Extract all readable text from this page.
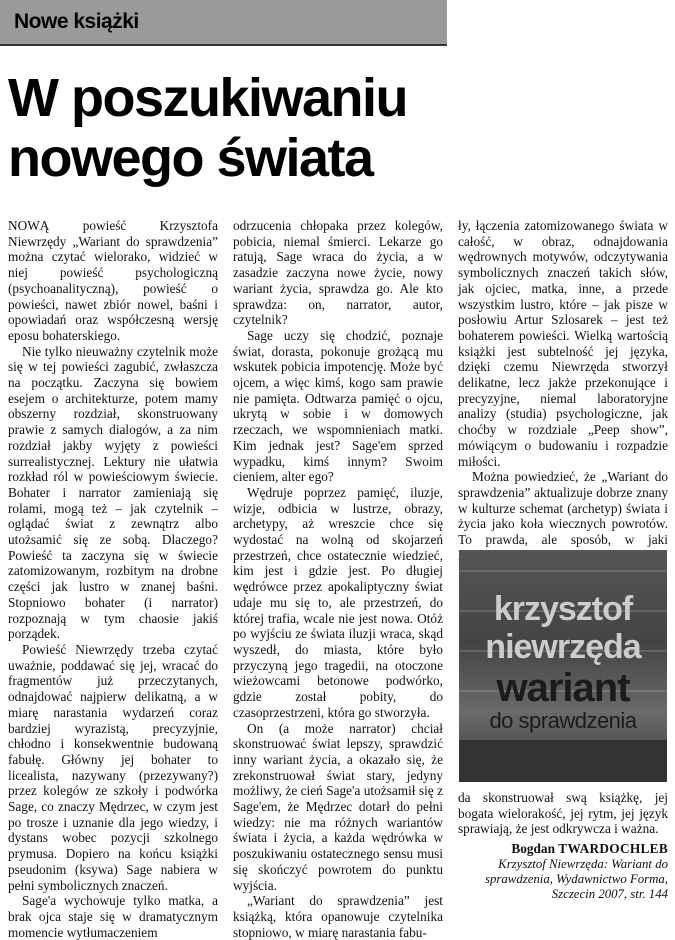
Nowe książki
W poszukiwaniu
nowego świata

NOWĄ powieść Krzysztofa Niewrzędy „Wariant do sprawdzenia” można czytać wielorako, widzieć w niej powieść psychologiczną (psychoanalityczną), powieść o powieści, nawet zbiór nowel, baśni i opowiadań oraz współczesną wersję eposu bohaterskiego.

Nie tylko nieuważny czytelnik może się w tej powieści zagubić, zwłaszcza na początku. Zaczyna się bowiem esejem o architekturze, potem mamy obszerny rozdział, skonstruowany prawie z samych dialogów, a za nim rozdział jakby wyjęty z powieści surrealistycznej. Lektury nie ułatwia rozkład ról w powieściowym świecie. Bohater i narrator zamieniają się rolami, mogą też – jak czytelnik – oglądać świat z zewnątrz albo utożsamić się ze sobą. Dlaczego? Powieść ta zaczyna się w świecie zatomizowanym, rozbitym na drobne części jak lustro w znanej baśni. Stopniowo bohater (i narrator) rozpoznają w tym chaosie jakiś porządek.

Powieść Niewrzędy trzeba czytać uważnie, poddawać się jej, wracać do fragmentów już przeczytanych, odnajdować najpierw delikatną, a w miarę narastania wydarzeń coraz bardziej wyrazistą, precyzyjnie, chłodno i konsekwentnie budowaną fabułę. Główny jej bohater to licealista, nazywany (przezywany?) przez kolegów ze szkoły i podwórka Sage, co znaczy Mędrzec, w czym jest po trosze i uznanie dla jego wiedzy, i dystans wobec pozycji szkolnego prymusa. Dopiero na końcu książki pseudonim (ksywa) Sage nabiera w pełni symbolicznych znaczeń.

Sage'a wychowuje tylko matka, a brak ojca staje się w dramatycznym momencie wytłumaczeniem

odrzucenia chłopaka przez kolegów, pobicia, niemal śmierci. Lekarze go ratują, Sage wraca do życia, a w zasadzie zaczyna nowe życie, nowy wariant życia, sprawdza go. Ale kto sprawdza: on, narrator, autor, czytelnik?

Sage uczy się chodzić, poznaje świat, dorasta, pokonuje grożącą mu wskutek pobicia impotencję. Może być ojcem, a więc kimś, kogo sam prawie nie pamięta. Odtwarza pamięć o ojcu, ukrytą w sobie i w domowych rzeczach, we wspomnieniach matki. Kim jednak jest? Sage'em sprzed wypadku, kimś innym? Swoim cieniem, alter ego?

Wędruje poprzez pamięć, iluzje, wizje, odbicia w lustrze, obrazy, archetypy, aż wreszcie chce się wydostać na wolną od skojarzeń przestrzeń, chce ostatecznie wiedzieć, kim jest i gdzie jest. Po długiej wędrówce przez apokaliptyczny świat udaje mu się to, ale przestrzeń, do której trafia, wcale nie jest nowa. Otóż po wyjściu ze świata iluzji wraca, skąd wyszedł, do miasta, które było przyczyną jego tragedii, na otoczone wieżowcami betonowe podwórko, gdzie został pobity, do czasoprzestrzeni, która go stworzyła.

On (a może narrator) chciał skonstruować świat lepszy, sprawdzić inny wariant życia, a okazało się, że zrekonstruował świat stary, jedyny możliwy, że cień Sage'a utożsamił się z Sage'em, że Mędrzec dotarł do pełni wiedzy: nie ma różnych wariantów świata i życia, a każda wędrówka w poszukiwaniu ostatecznego sensu musi się skończyć powrotem do punktu wyjścia.

„Wariant do sprawdzenia” jest książką, która opanowuje czytelnika stopniowo, w miarę narastania fabu-

ły, łączenia zatomizowanego świata w całość, w obraz, odnajdowania wędrownych motywów, odczytywania symbolicznych znaczeń takich słów, jak ojciec, matka, inne, a przede wszystkim lustro, które – jak pisze w posłowiu Artur Szlosarek – jest też bohaterem powieści. Wielką wartością książki jest subtelność jej języka, dzięki czemu Niewrzęda stworzył delikatne, lecz jakże przekonujące i precyzyjne, niemal laboratoryjne analizy (studia) psychologiczne, jak choćby w rozdziale „Peep show”, mówiącym o budowaniu i rozpadzie miłości.

Można powiedzieć, że „Wariant do sprawdzenia” aktualizuje dobrze znany w kulturze schemat (archetyp) świata i życia jako koła wiecznych powrotów. To prawda, ale sposób, w jaki

krzysztof
niewrzęda
wariant
do sprawdzenia

da skonstruował swą książkę, jej bogata wielorakość, jej rytm, jej język sprawiają, że jest odkrywcza i ważna.

Bogdan TWARDOCHLEB

Krzysztof Niewrzęda: Wariant do sprawdzenia, Wydawnictwo Forma, Szczecin 2007, str. 144
